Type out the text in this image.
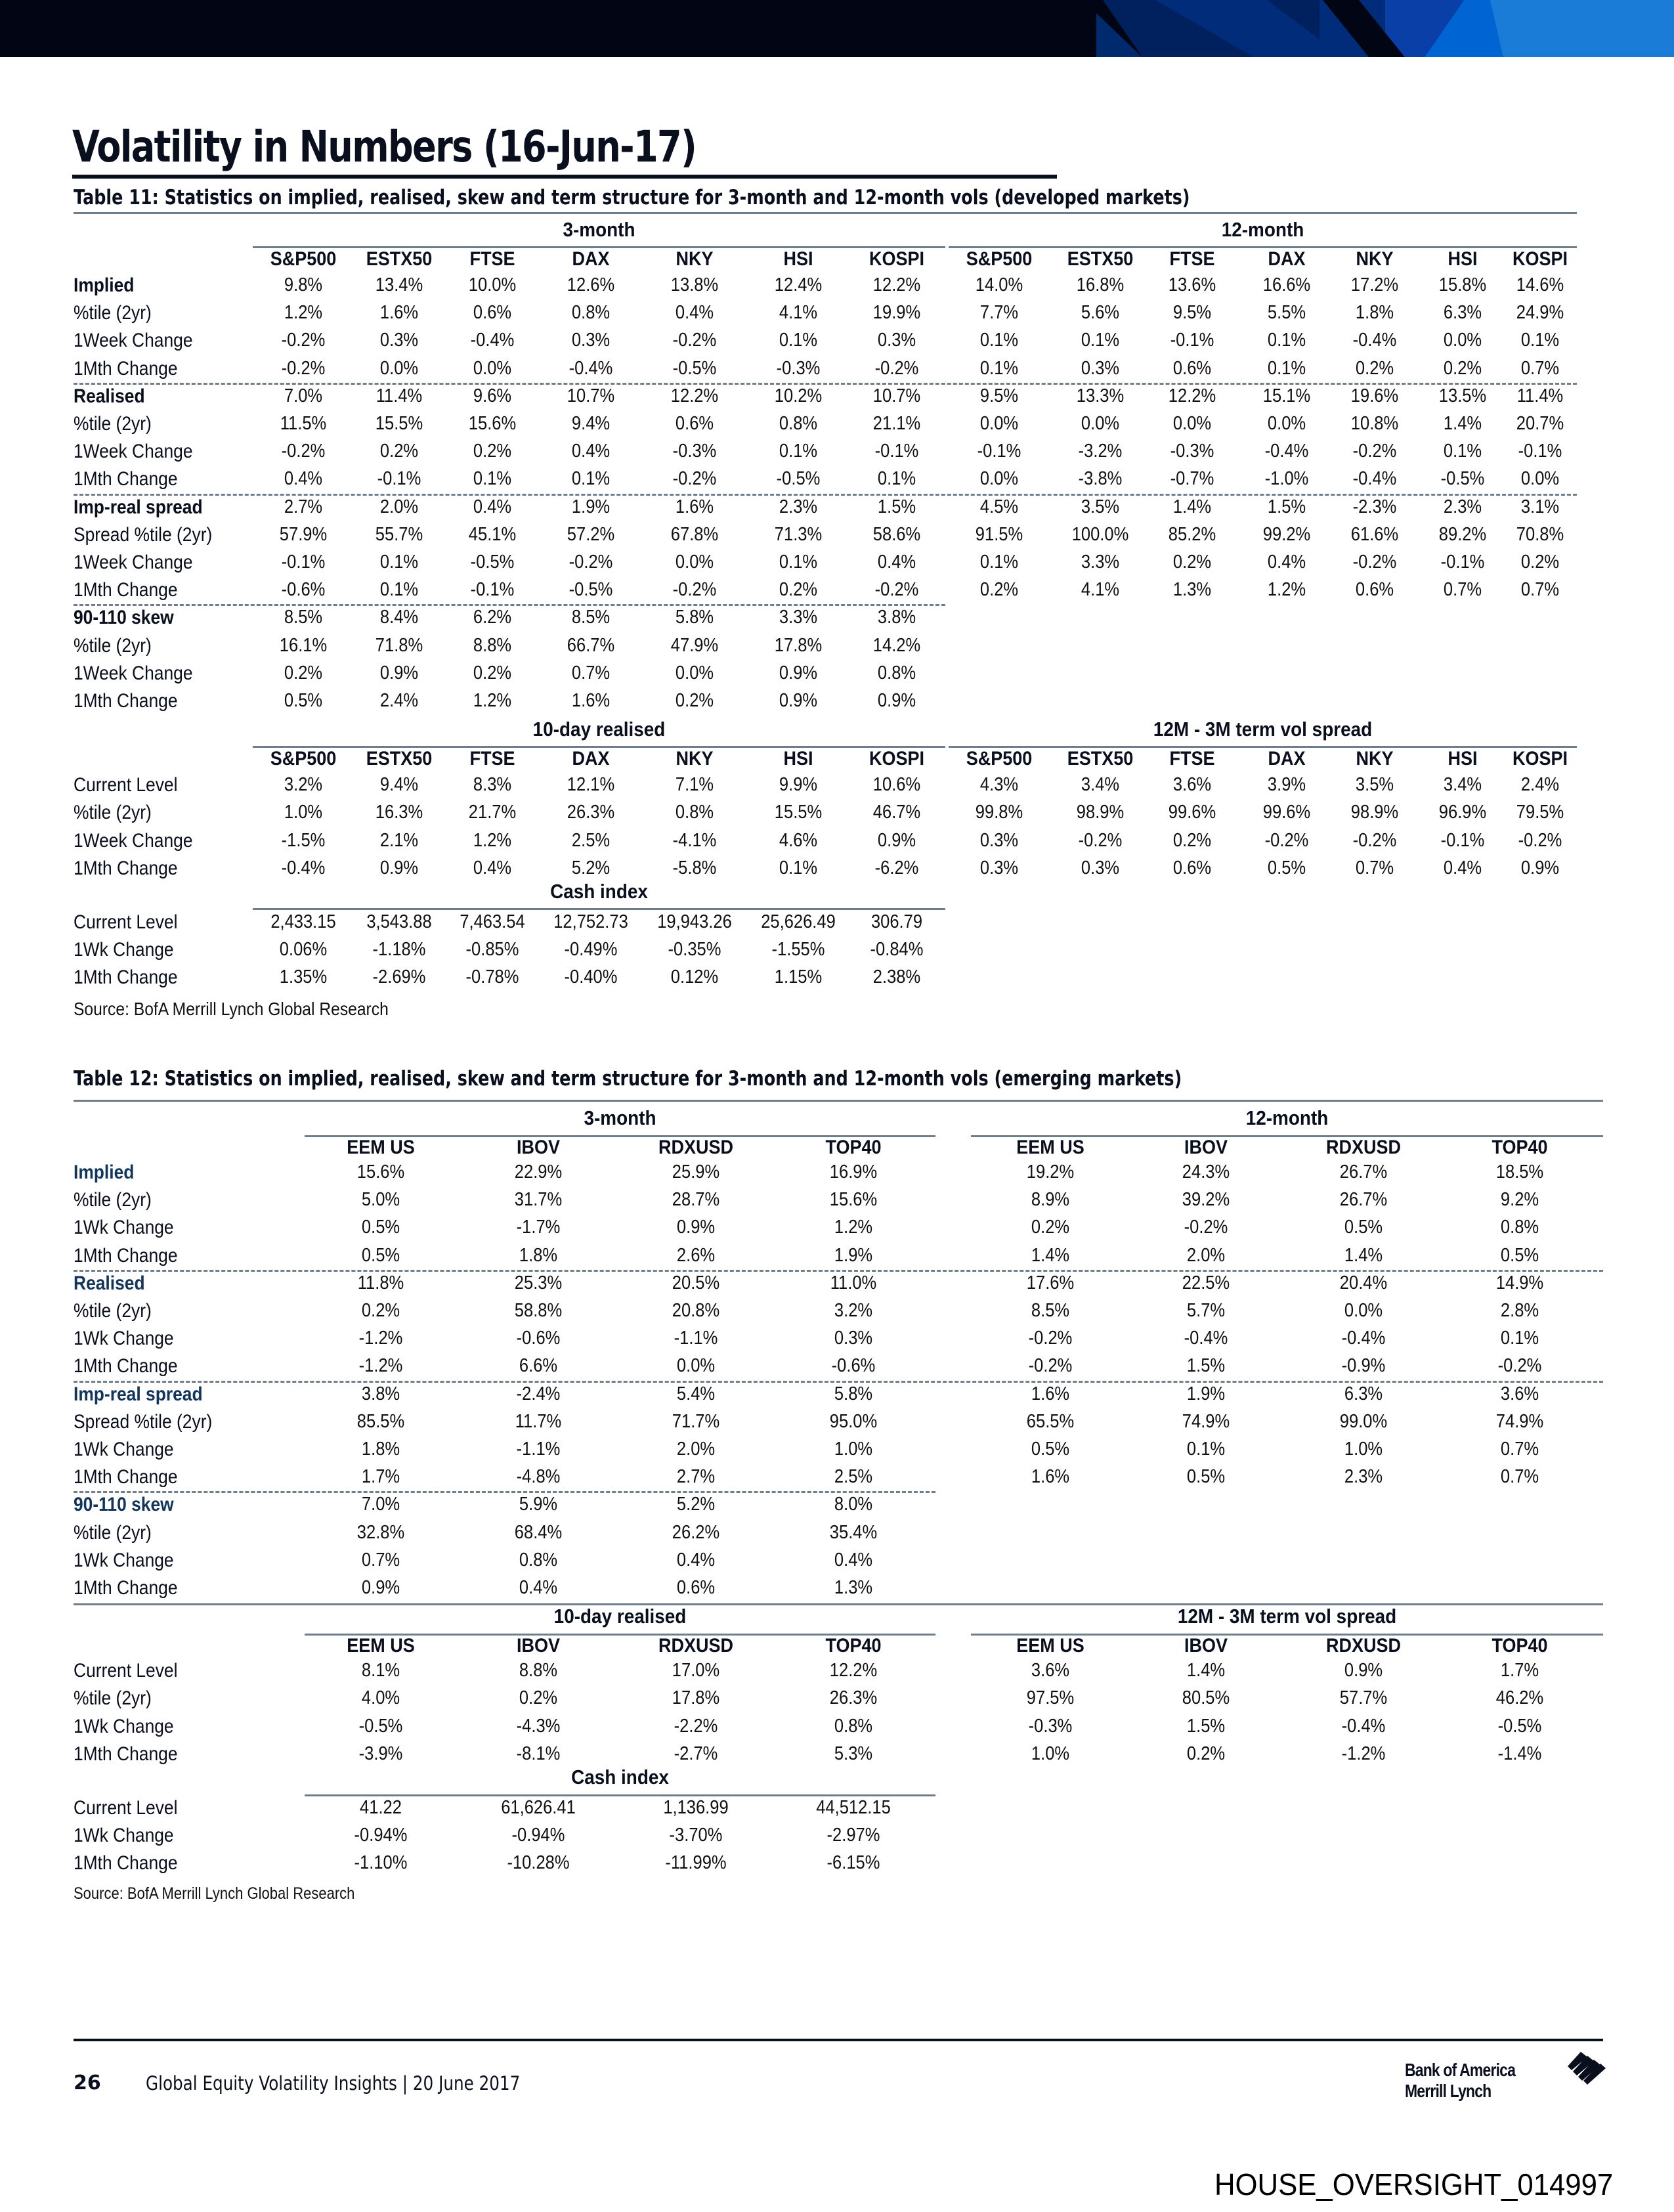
Volatility in Numbers (16-Jun-17)
Table 11: Statistics on implied, realised, skew and term structure for 3-month and 12-month vols (developed markets)
3-month	12-month
S&P500	ESTX50	FTSE	DAX	NKY	HSI	KOSPI	S&P500	ESTX50	FTSE	DAX	NKY	HSI	KOSPI
Implied	9.8%	13.4%	10.0%	12.6%	13.8%	12.4%	12.2%	14.0%	16.8%	13.6%	16.6%	17.2%	15.8%	14.6%
%tile (2yr)	1.2%	1.6%	0.6%	0.8%	0.4%	4.1%	19.9%	7.7%	5.6%	9.5%	5.5%	1.8%	6.3%	24.9%
1Week Change	-0.2%	0.3%	-0.4%	0.3%	-0.2%	0.1%	0.3%	0.1%	0.1%	-0.1%	0.1%	-0.4%	0.0%	0.1%
1Mth Change	-0.2%	0.0%	0.0%	-0.4%	-0.5%	-0.3%	-0.2%	0.1%	0.3%	0.6%	0.1%	0.2%	0.2%	0.7%
Realised	7.0%	11.4%	9.6%	10.7%	12.2%	10.2%	10.7%	9.5%	13.3%	12.2%	15.1%	19.6%	13.5%	11.4%
%tile (2yr)	11.5%	15.5%	15.6%	9.4%	0.6%	0.8%	21.1%	0.0%	0.0%	0.0%	0.0%	10.8%	1.4%	20.7%
1Week Change	-0.2%	0.2%	0.2%	0.4%	-0.3%	0.1%	-0.1%	-0.1%	-3.2%	-0.3%	-0.4%	-0.2%	0.1%	-0.1%
1Mth Change	0.4%	-0.1%	0.1%	0.1%	-0.2%	-0.5%	0.1%	0.0%	-3.8%	-0.7%	-1.0%	-0.4%	-0.5%	0.0%
Imp-real spread	2.7%	2.0%	0.4%	1.9%	1.6%	2.3%	1.5%	4.5%	3.5%	1.4%	1.5%	-2.3%	2.3%	3.1%
Spread %tile (2yr)	57.9%	55.7%	45.1%	57.2%	67.8%	71.3%	58.6%	91.5%	100.0%	85.2%	99.2%	61.6%	89.2%	70.8%
1Week Change	-0.1%	0.1%	-0.5%	-0.2%	0.0%	0.1%	0.4%	0.1%	3.3%	0.2%	0.4%	-0.2%	-0.1%	0.2%
1Mth Change	-0.6%	0.1%	-0.1%	-0.5%	-0.2%	0.2%	-0.2%	0.2%	4.1%	1.3%	1.2%	0.6%	0.7%	0.7%
90-110 skew	8.5%	8.4%	6.2%	8.5%	5.8%	3.3%	3.8%
%tile (2yr)	16.1%	71.8%	8.8%	66.7%	47.9%	17.8%	14.2%
1Week Change	0.2%	0.9%	0.2%	0.7%	0.0%	0.9%	0.8%
1Mth Change	0.5%	2.4%	1.2%	1.6%	0.2%	0.9%	0.9%
10-day realised	12M - 3M term vol spread
S&P500	ESTX50	FTSE	DAX	NKY	HSI	KOSPI	S&P500	ESTX50	FTSE	DAX	NKY	HSI	KOSPI
Current Level	3.2%	9.4%	8.3%	12.1%	7.1%	9.9%	10.6%	4.3%	3.4%	3.6%	3.9%	3.5%	3.4%	2.4%
%tile (2yr)	1.0%	16.3%	21.7%	26.3%	0.8%	15.5%	46.7%	99.8%	98.9%	99.6%	99.6%	98.9%	96.9%	79.5%
1Week Change	-1.5%	2.1%	1.2%	2.5%	-4.1%	4.6%	0.9%	0.3%	-0.2%	0.2%	-0.2%	-0.2%	-0.1%	-0.2%
1Mth Change	-0.4%	0.9%	0.4%	5.2%	-5.8%	0.1%	-6.2%	0.3%	0.3%	0.6%	0.5%	0.7%	0.4%	0.9%
Cash index
Current Level	2,433.15	3,543.88	7,463.54	12,752.73	19,943.26	25,626.49	306.79
1Wk Change	0.06%	-1.18%	-0.85%	-0.49%	-0.35%	-1.55%	-0.84%
1Mth Change	1.35%	-2.69%	-0.78%	-0.40%	0.12%	1.15%	2.38%
Source: BofA Merrill Lynch Global Research
Table 12: Statistics on implied, realised, skew and term structure for 3-month and 12-month vols (emerging markets)
3-month	12-month
EEM US	IBOV	RDXUSD	TOP40	EEM US	IBOV	RDXUSD	TOP40
Implied	15.6%	22.9%	25.9%	16.9%	19.2%	24.3%	26.7%	18.5%
%tile (2yr)	5.0%	31.7%	28.7%	15.6%	8.9%	39.2%	26.7%	9.2%
1Wk Change	0.5%	-1.7%	0.9%	1.2%	0.2%	-0.2%	0.5%	0.8%
1Mth Change	0.5%	1.8%	2.6%	1.9%	1.4%	2.0%	1.4%	0.5%
Realised	11.8%	25.3%	20.5%	11.0%	17.6%	22.5%	20.4%	14.9%
%tile (2yr)	0.2%	58.8%	20.8%	3.2%	8.5%	5.7%	0.0%	2.8%
1Wk Change	-1.2%	-0.6%	-1.1%	0.3%	-0.2%	-0.4%	-0.4%	0.1%
1Mth Change	-1.2%	6.6%	0.0%	-0.6%	-0.2%	1.5%	-0.9%	-0.2%
Imp-real spread	3.8%	-2.4%	5.4%	5.8%	1.6%	1.9%	6.3%	3.6%
Spread %tile (2yr)	85.5%	11.7%	71.7%	95.0%	65.5%	74.9%	99.0%	74.9%
1Wk Change	1.8%	-1.1%	2.0%	1.0%	0.5%	0.1%	1.0%	0.7%
1Mth Change	1.7%	-4.8%	2.7%	2.5%	1.6%	0.5%	2.3%	0.7%
90-110 skew	7.0%	5.9%	5.2%	8.0%
%tile (2yr)	32.8%	68.4%	26.2%	35.4%
1Wk Change	0.7%	0.8%	0.4%	0.4%
1Mth Change	0.9%	0.4%	0.6%	1.3%
10-day realised	12M - 3M term vol spread
EEM US	IBOV	RDXUSD	TOP40	EEM US	IBOV	RDXUSD	TOP40
Current Level	8.1%	8.8%	17.0%	12.2%	3.6%	1.4%	0.9%	1.7%
%tile (2yr)	4.0%	0.2%	17.8%	26.3%	97.5%	80.5%	57.7%	46.2%
1Wk Change	-0.5%	-4.3%	-2.2%	0.8%	-0.3%	1.5%	-0.4%	-0.5%
1Mth Change	-3.9%	-8.1%	-2.7%	5.3%	1.0%	0.2%	-1.2%	-1.4%
Cash index
Current Level	41.22	61,626.41	1,136.99	44,512.15
1Wk Change	-0.94%	-0.94%	-3.70%	-2.97%
1Mth Change	-1.10%	-10.28%	-11.99%	-6.15%
Source: BofA Merrill Lynch Global Research
26 Global Equity Volatility Insights | 20 June 2017
Bank of America
Merrill Lynch
HOUSE_OVERSIGHT_014997
